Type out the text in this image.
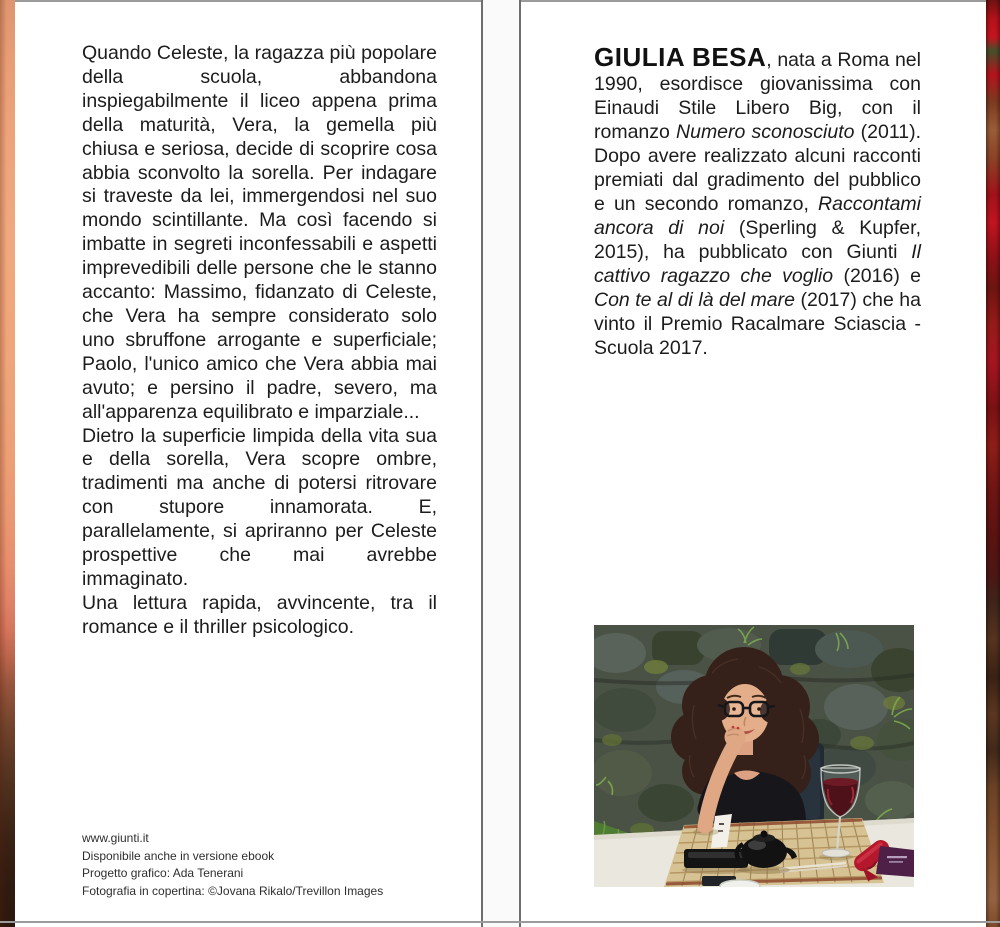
Quando Celeste, la ragazza più popolare della scuola, abbandona inspiegabilmente il liceo appena prima della maturità, Vera, la gemella più chiusa e seriosa, decide di scoprire cosa abbia sconvolto la sorella. Per indagare si traveste da lei, immergendosi nel suo mondo scintillante. Ma così facendo si imbatte in segreti inconfessabili e aspetti imprevedibili delle persone che le stanno accanto: Massimo, fidanzato di Celeste, che Vera ha sempre considerato solo uno sbruffone arrogante e superficiale; Paolo, l'unico amico che Vera abbia mai avuto; e persino il padre, severo, ma all'apparenza equilibrato e imparziale...

Dietro la superficie limpida della vita sua e della sorella, Vera scopre ombre, tradimenti ma anche di potersi ritrovare con stupore innamorata. E, parallelamente, si apriranno per Celeste prospettive che mai avrebbe immaginato.

Una lettura rapida, avvincente, tra il romance e il thriller psicologico.

www.giunti.it
Disponibile anche in versione ebook
Progetto grafico: Ada Tenerani
Fotografia in copertina: ©Jovana Rikalo/Trevillon Images

GIULIA BESA, nata a Roma nel 1990, esordisce giovanissima con Einaudi Stile Libero Big, con il romanzo Numero sconosciuto (2011). Dopo avere realizzato alcuni racconti premiati dal gradimento del pubblico e un secondo romanzo, Raccontami ancora di noi (Sperling & Kupfer, 2015), ha pubblicato con Giunti Il cattivo ragazzo che voglio (2016) e Con te al di là del mare (2017) che ha vinto il Premio Racalmare Sciascia - Scuola 2017.
